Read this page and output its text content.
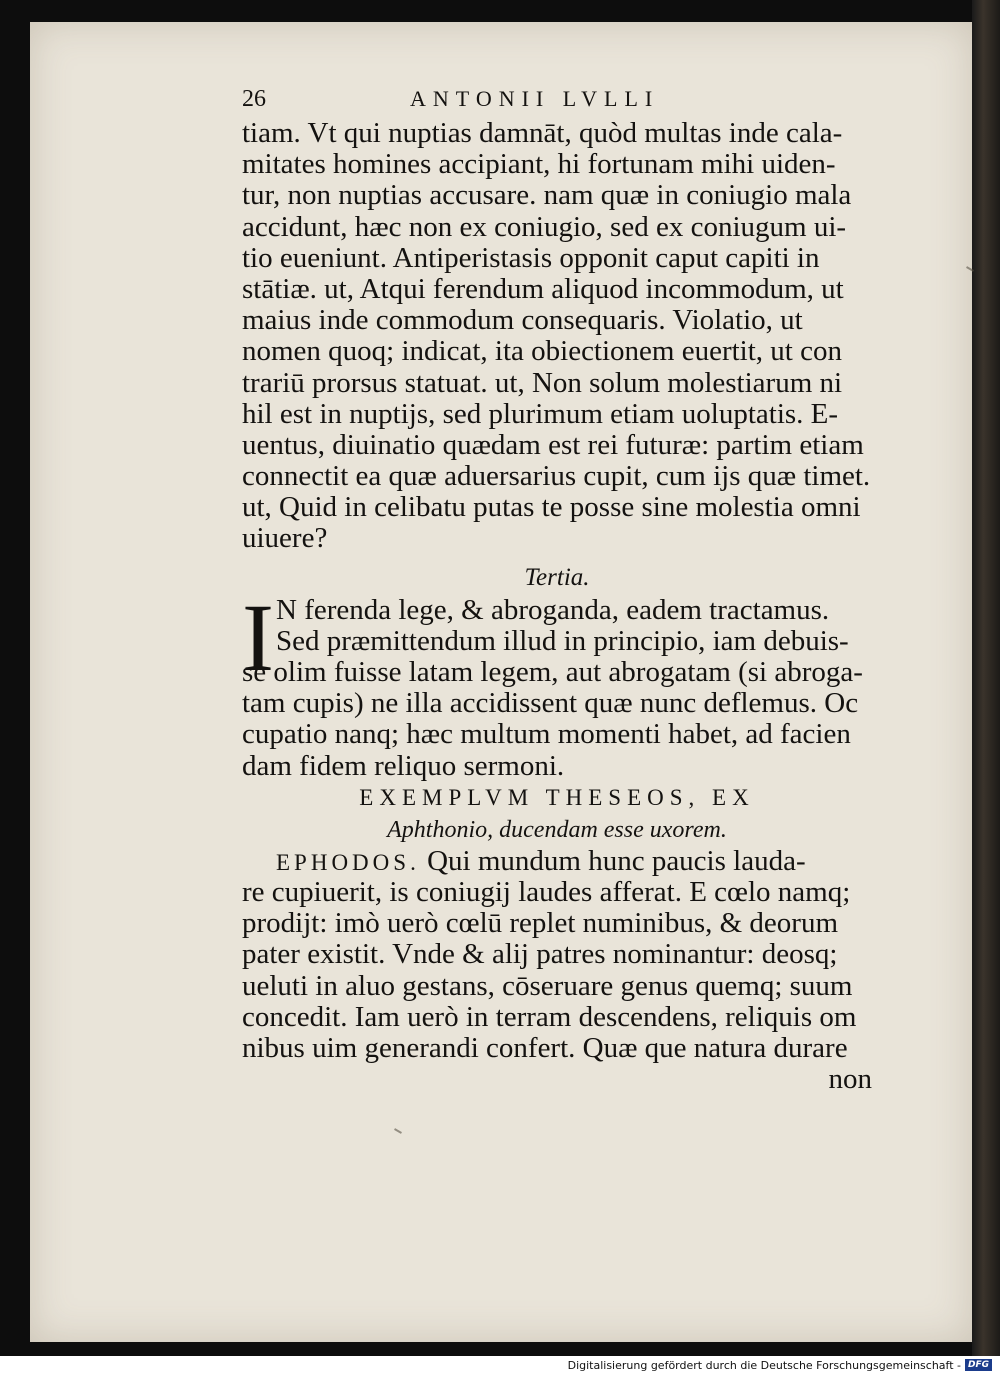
26	ANTONII LVLLI
tiam. Vt qui nuptias damnāt, quòd multas inde cala-
mitates homines accipiant, hi fortunam mihi uiden-
tur, non nuptias accusare. nam quæ in coniugio mala
accidunt, hæc non ex coniugio, sed ex coniugum ui-
tio eueniunt. Antiperistasis opponit caput capiti in
stātiæ. ut, Atqui ferendum aliquod incommodum, ut
maius inde commodum consequaris. Violatio, ut
nomen quoq; indicat, ita obiectionem euertit, ut con
trariū prorsus statuat. ut, Non solum molestiarum ni
hil est in nuptijs, sed plurimum etiam uoluptatis. E-
uentus, diuinatio quædam est rei futuræ: partim etiam
connectit ea quæ aduersarius cupit, cum ijs quæ timet.
ut, Quid in celibatu putas te posse sine molestia omni
uiuere?
Tertia.
I N ferenda lege, & abroganda, eadem tractamus.
Sed præmittendum illud in principio, iam debuis-
se olim fuisse latam legem, aut abrogatam (si abroga-
tam cupis) ne illa accidissent quæ nunc deflemus. Oc
cupatio nanq; hæc multum momenti habet, ad facien
dam fidem reliquo sermoni.
EXEMPLVM THESEOS, EX
Aphthonio, ducendam esse uxorem.
EPHODOS. Qui mundum hunc paucis lauda-
re cupiuerit, is coniugij laudes afferat. E cœlo namq;
prodijt: imò uerò cœlū replet numinibus, & deorum
pater existit. Vnde & alij patres nominantur: deosq;
ueluti in aluo gestans, cōseruare genus quemq; suum
concedit. Iam uerò in terram descendens, reliquis om
nibus uim generandi confert. Quæ que natura durare
non
Digitalisierung gefördert durch die Deutsche Forschungsgemeinschaft - DFG
